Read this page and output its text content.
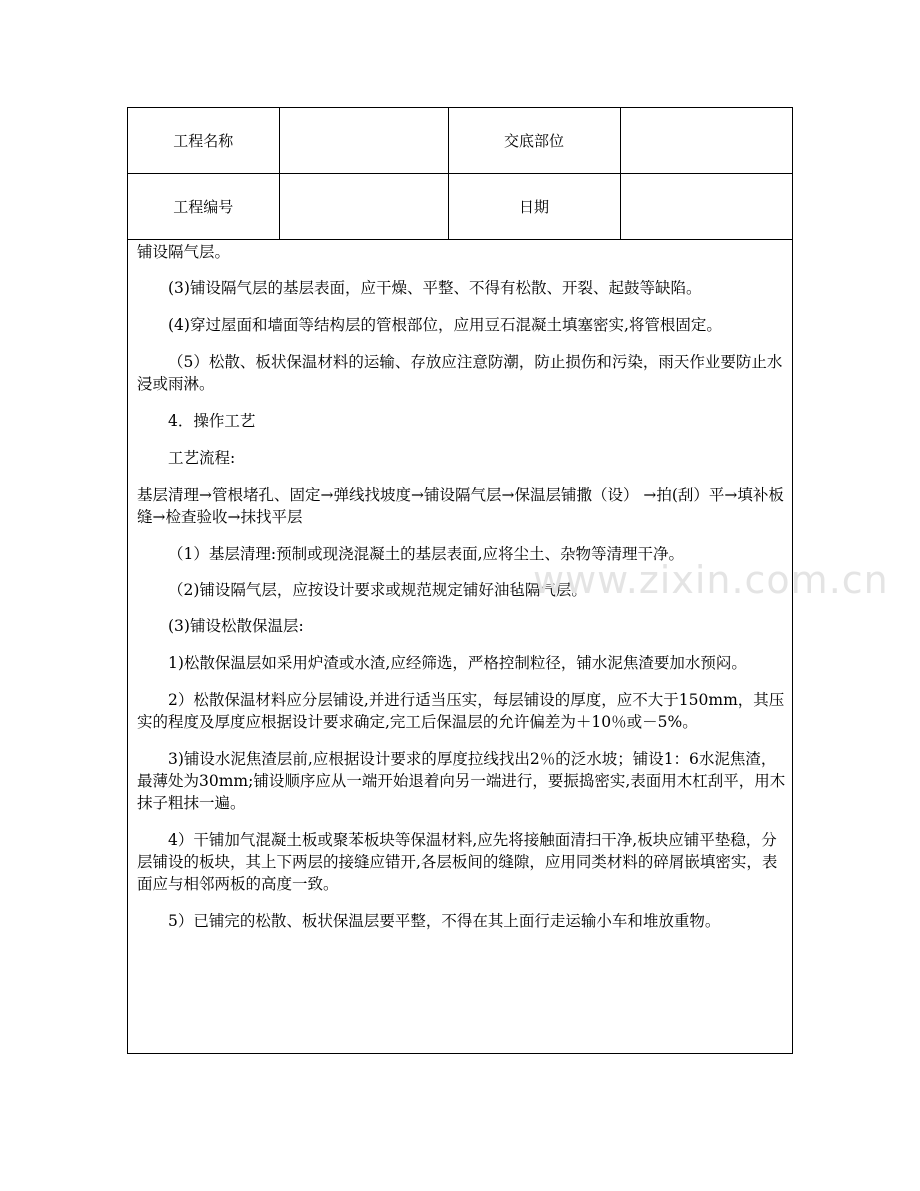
工程名称		交底部位	
工程编号		日期	

铺设隔气层。

(3)铺设隔气层的基层表面，应干燥、平整、不得有松散、开裂、起鼓等缺陷。

(4)穿过屋面和墙面等结构层的管根部位，应用豆石混凝土填塞密实,将管根固定。

（5）松散、板状保温材料的运输、存放应注意防潮，防止损伤和污染，雨天作业要防止水浸或雨淋。

4．操作工艺

工艺流程:

基层清理→管根堵孔、固定→弹线找坡度→铺设隔气层→保温层铺撒（设） →拍(刮）平→填补板缝→检查验收→抹找平层

（1）基层清理:预制或现浇混凝土的基层表面,应将尘土、杂物等清理干净。

（2)铺设隔气层，应按设计要求或规范规定铺好油毡隔气层。

(3)铺设松散保温层:

1)松散保温层如采用炉渣或水渣,应经筛选，严格控制粒径，铺水泥焦渣要加水预闷。

2）松散保温材料应分层铺设,并进行适当压实，每层铺设的厚度，应不大于150mm，其压实的程度及厚度应根据设计要求确定,完工后保温层的允许偏差为＋10％或－5%。

3)铺设水泥焦渣层前,应根据设计要求的厚度拉线找出2％的泛水坡；铺设1：6水泥焦渣，最薄处为30mm;铺设顺序应从一端开始退着向另一端进行，要振捣密实,表面用木杠刮平，用木抹子粗抹一遍。

4）干铺加气混凝土板或聚苯板块等保温材料,应先将接触面清扫干净,板块应铺平垫稳，分层铺设的板块，其上下两层的接缝应错开,各层板间的缝隙，应用同类材料的碎屑嵌填密实，表面应与相邻两板的高度一致。

5）已铺完的松散、板状保温层要平整，不得在其上面行走运输小车和堆放重物。

www.zixin.com.cn
